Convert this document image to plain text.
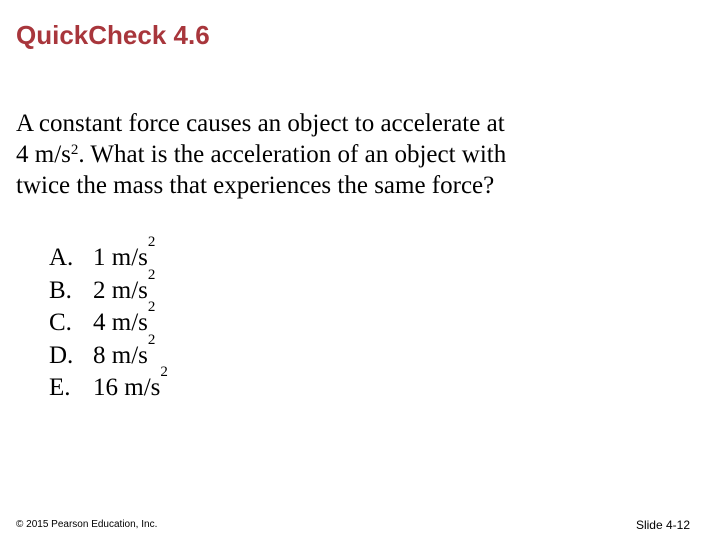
QuickCheck 4.6
A constant force causes an object to accelerate at
4 $m/s^2$. What is the acceleration of an object with
twice the mass that experiences the same force?
A. 1 m/s
2
B. 2 m/s
2
C. 4 m/s
2
D. 8 m/s
2
E. 16 m/s
2
© 2015 Pearson Education, Inc.	Slide 4-12
